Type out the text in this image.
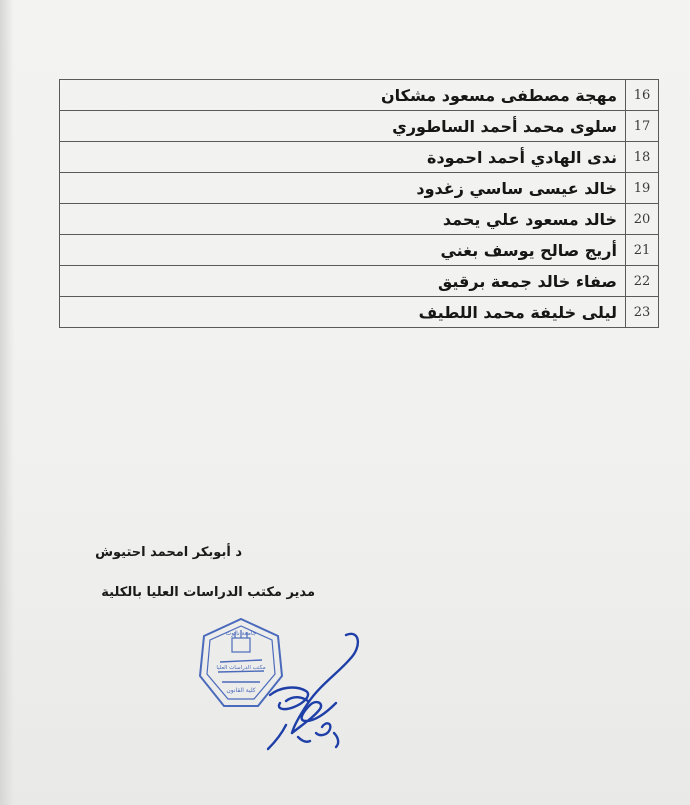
مهجة مصطفى مسعود مشكان	16
سلوى محمد أحمد الساطوري	17
ندى الهادي أحمد احمودة	18
خالد عيسى ساسي زغدود	19
خالد مسعود علي يحمد	20
أريج صالح يوسف بغني	21
صفاء خالد جمعة برقيق	22
ليلى خليفة محمد اللطيف	23
د أبوبكر امحمد احتيوش
مدير مكتب الدراسات العليا بالكلية
جامعة نالوت
مكتب الدراسات العليا
كلية القانون
